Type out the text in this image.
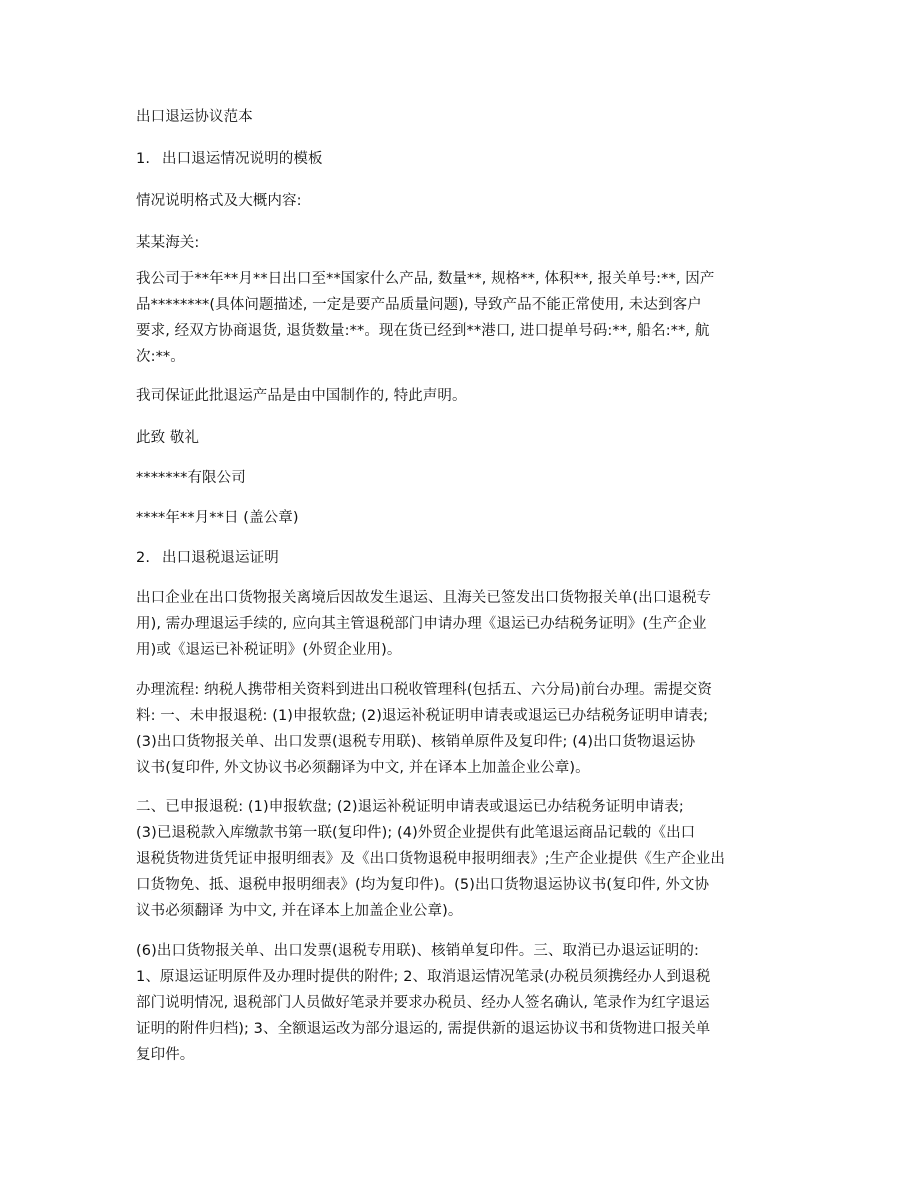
出口退运协议范本
1. 出口退运情况说明的模板
情况说明格式及大概内容:
某某海关:
我公司于**年**月**日出口至**国家什么产品, 数量**, 规格**, 体积**, 报关单号:**, 因产
品********(具体问题描述, 一定是要产品质量问题), 导致产品不能正常使用, 未达到客户
要求, 经双方协商退货, 退货数量:**。现在货已经到**港口, 进口提单号码:**, 船名:**, 航
次:**。
我司保证此批退运产品是由中国制作的, 特此声明。
此致 敬礼
*******有限公司
****年**月**日 (盖公章)
2. 出口退税退运证明
出口企业在出口货物报关离境后因故发生退运、且海关已签发出口货物报关单(出口退税专
用), 需办理退运手续的, 应向其主管退税部门申请办理《退运已办结税务证明》(生产企业
用)或《退运已补税证明》(外贸企业用)。
办理流程: 纳税人携带相关资料到进出口税收管理科(包括五、六分局)前台办理。需提交资
料: 一、未申报退税: (1)申报软盘; (2)退运补税证明申请表或退运已办结税务证明申请表;
(3)出口货物报关单、出口发票(退税专用联)、核销单原件及复印件; (4)出口货物退运协
议书(复印件, 外文协议书必须翻译为中文, 并在译本上加盖企业公章)。
二、已申报退税: (1)申报软盘; (2)退运补税证明申请表或退运已办结税务证明申请表;
(3)已退税款入库缴款书第一联(复印件); (4)外贸企业提供有此笔退运商品记载的《出口
退税货物进货凭证申报明细表》及《出口货物退税申报明细表》;生产企业提供《生产企业出
口货物免、抵、退税申报明细表》(均为复印件)。(5)出口货物退运协议书(复印件, 外文协
议书必须翻译 为中文, 并在译本上加盖企业公章)。
(6)出口货物报关单、出口发票(退税专用联)、核销单复印件。三、取消已办退运证明的:
1、原退运证明原件及办理时提供的附件; 2、取消退运情况笔录(办税员须携经办人到退税
部门说明情况, 退税部门人员做好笔录并要求办税员、经办人签名确认, 笔录作为红字退运
证明的附件归档); 3、全额退运改为部分退运的, 需提供新的退运协议书和货物进口报关单
复印件。
